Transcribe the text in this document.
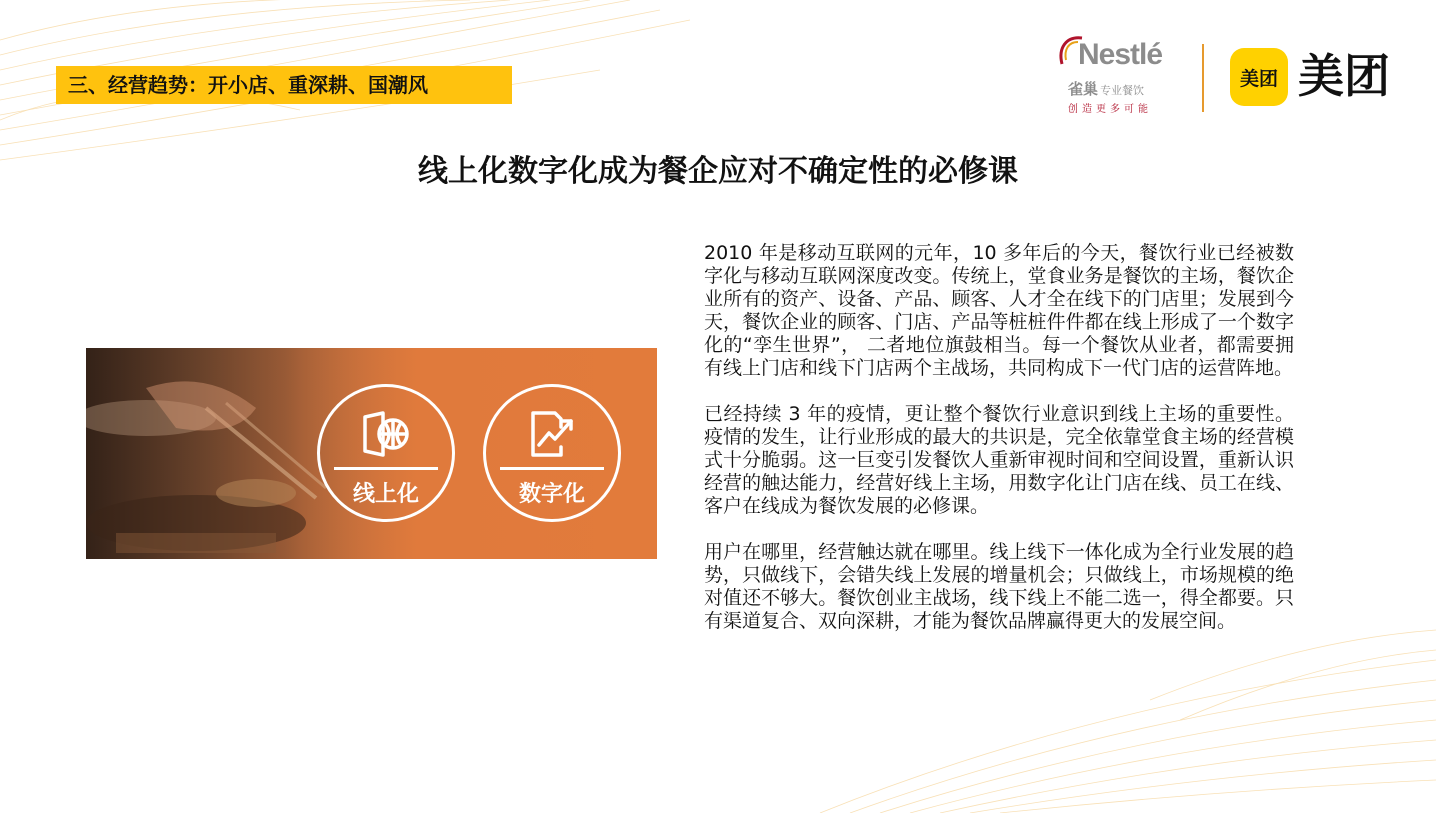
三、经营趋势：开小店、重深耕、国潮风
Nestlé
雀巢 专业餐饮
创造更多可能
美团 美团
线上化数字化成为餐企应对不确定性的必修课
线上化	数字化

2010 年是移动互联网的元年，10 多年后的今天，餐饮行业已经被数字化与移动互联网深度改变。传统上，堂食业务是餐饮的主场，餐饮企业所有的资产、设备、产品、顾客、人才全在线下的门店里；发展到今天，餐饮企业的顾客、门店、产品等桩桩件件都在线上形成了一个数字化的“孪生世界”， 二者地位旗鼓相当。每一个餐饮从业者，都需要拥有线上门店和线下门店两个主战场，共同构成下一代门店的运营阵地。

已经持续 3 年的疫情，更让整个餐饮行业意识到线上主场的重要性。疫情的发生，让行业形成的最大的共识是，完全依靠堂食主场的经营模式十分脆弱。这一巨变引发餐饮人重新审视时间和空间设置，重新认识经营的触达能力，经营好线上主场，用数字化让门店在线、员工在线、客户在线成为餐饮发展的必修课。

用户在哪里，经营触达就在哪里。线上线下一体化成为全行业发展的趋势，只做线下，会错失线上发展的增量机会；只做线上，市场规模的绝对值还不够大。餐饮创业主战场，线下线上不能二选一，得全都要。只有渠道复合、双向深耕，才能为餐饮品牌赢得更大的发展空间。
